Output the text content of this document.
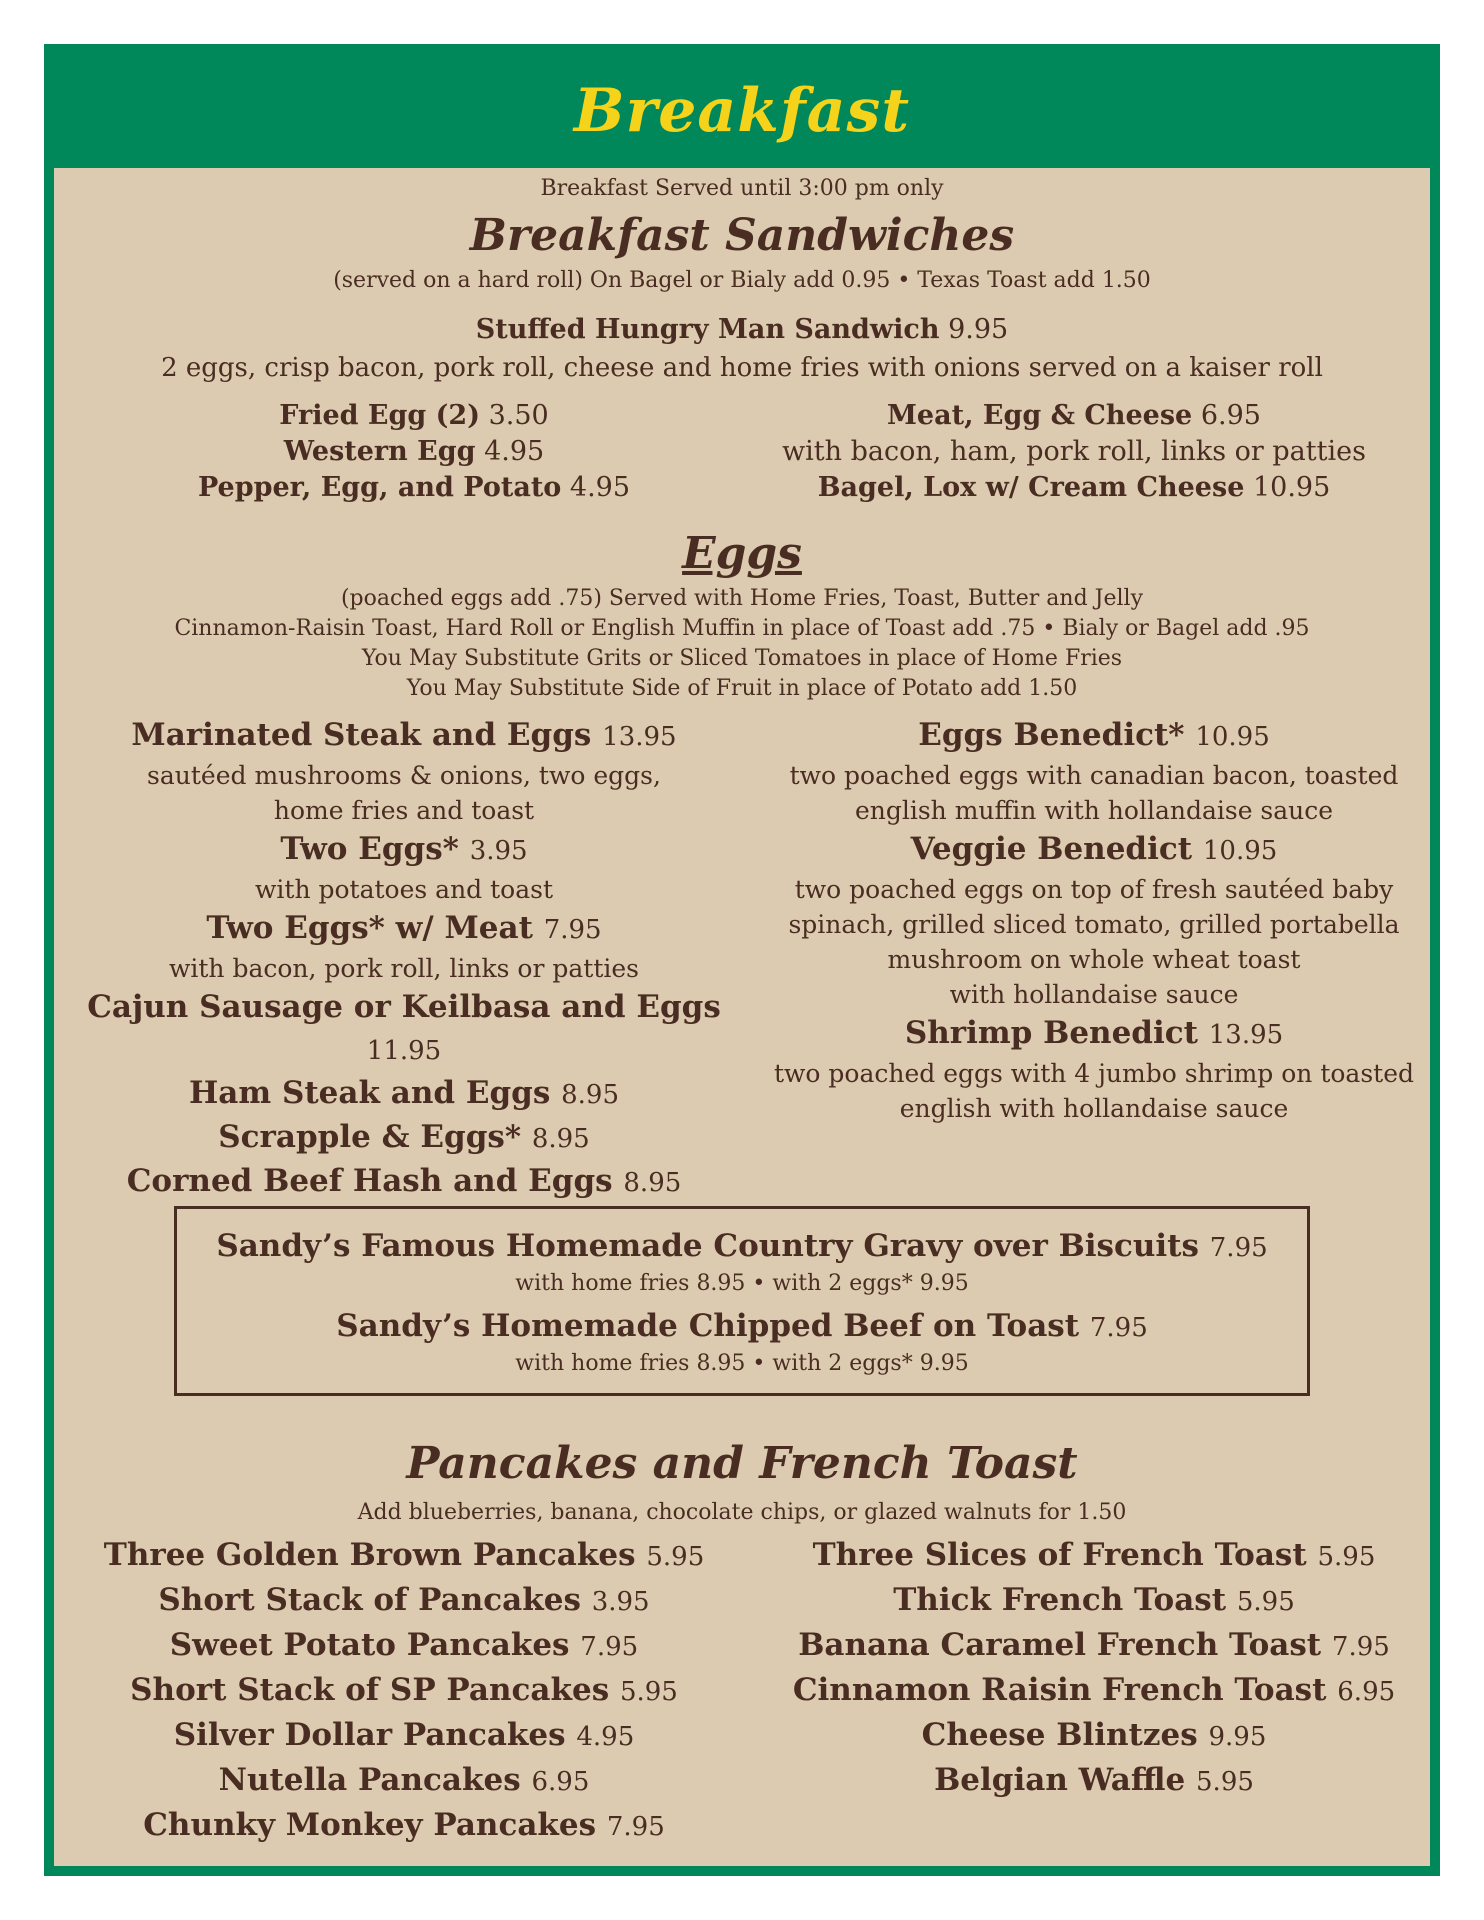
Breakfast
Breakfast Served until 3:00 pm only
Breakfast Sandwiches
(served on a hard roll) On Bagel or Bialy add 0.95 • Texas Toast add 1.50
Stuffed Hungry Man Sandwich 9.95
2 eggs, crisp bacon, pork roll, cheese and home fries with onions served on a kaiser roll
Fried Egg (2) 3.50
Western Egg 4.95
Pepper, Egg, and Potato 4.95
Meat, Egg & Cheese 6.95
with bacon, ham, pork roll, links or patties
Bagel, Lox w/ Cream Cheese 10.95
Eggs
(poached eggs add .75) Served with Home Fries, Toast, Butter and Jelly
Cinnamon-Raisin Toast, Hard Roll or English Muffin in place of Toast add .75 • Bialy or Bagel add .95
You May Substitute Grits or Sliced Tomatoes in place of Home Fries
You May Substitute Side of Fruit in place of Potato add 1.50
Marinated Steak and Eggs 13.95
sautéed mushrooms & onions, two eggs,
home fries and toast
Two Eggs* 3.95
with potatoes and toast
Two Eggs* w/ Meat 7.95
with bacon, pork roll, links or patties
Cajun Sausage or Keilbasa and Eggs 11.95
Ham Steak and Eggs 8.95
Scrapple & Eggs* 8.95
Corned Beef Hash and Eggs 8.95
Eggs Benedict* 10.95
two poached eggs with canadian bacon, toasted
english muffin with hollandaise sauce
Veggie Benedict 10.95
two poached eggs on top of fresh sautéed baby
spinach, grilled sliced tomato, grilled portabella
mushroom on whole wheat toast
with hollandaise sauce
Shrimp Benedict 13.95
two poached eggs with 4 jumbo shrimp on toasted
english with hollandaise sauce
Sandy’s Famous Homemade Country Gravy over Biscuits 7.95
with home fries 8.95 • with 2 eggs* 9.95
Sandy’s Homemade Chipped Beef on Toast 7.95
with home fries 8.95 • with 2 eggs* 9.95
Pancakes and French Toast
Add blueberries, banana, chocolate chips, or glazed walnuts for 1.50
Three Golden Brown Pancakes 5.95
Short Stack of Pancakes 3.95
Sweet Potato Pancakes 7.95
Short Stack of SP Pancakes 5.95
Silver Dollar Pancakes 4.95
Nutella Pancakes 6.95
Chunky Monkey Pancakes 7.95
Three Slices of French Toast 5.95
Thick French Toast 5.95
Banana Caramel French Toast 7.95
Cinnamon Raisin French Toast 6.95
Cheese Blintzes 9.95
Belgian Waffle 5.95
